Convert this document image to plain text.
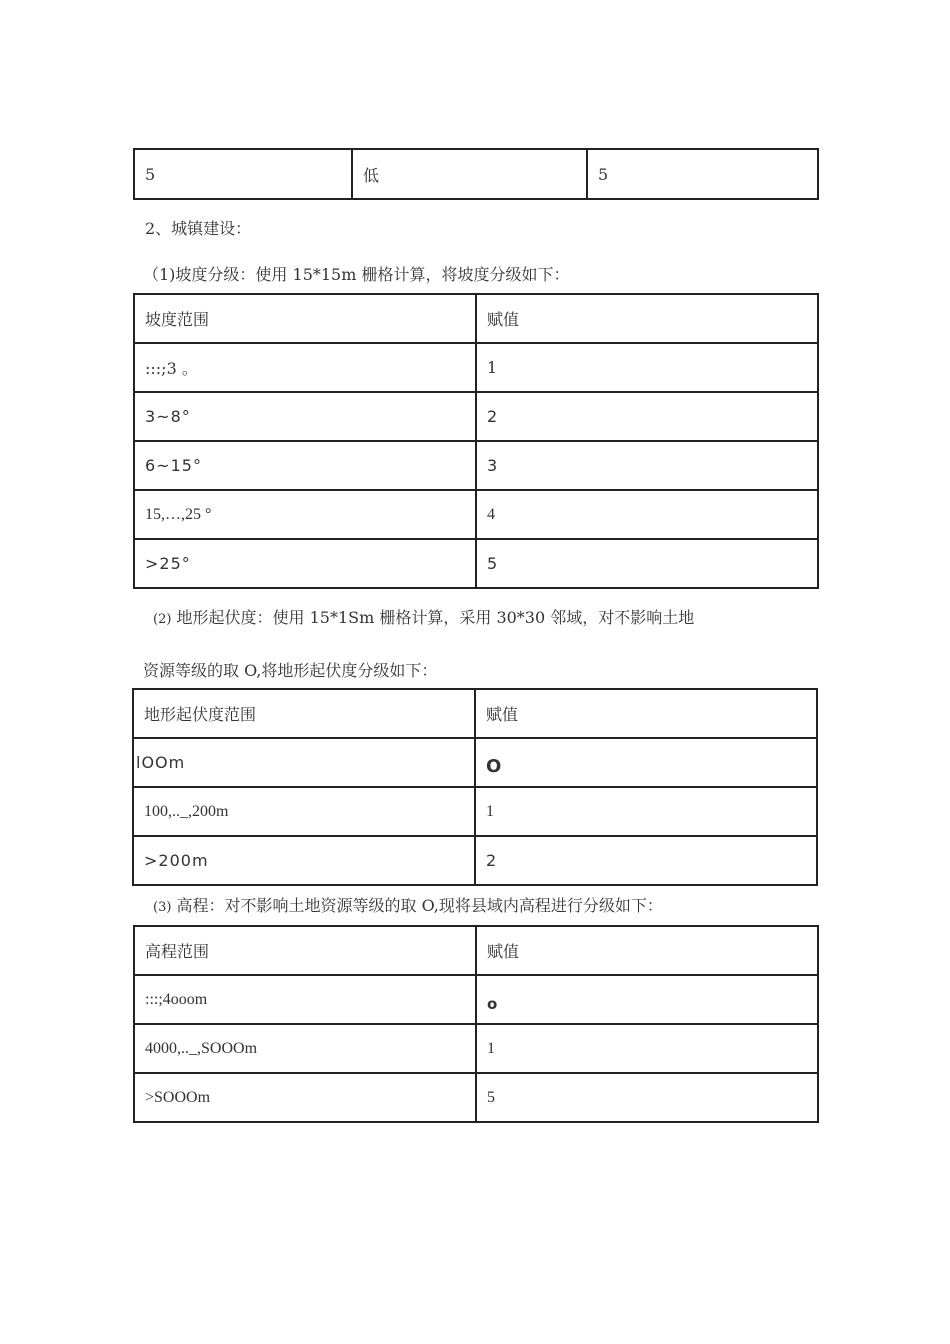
5	低	5
2、城镇建设：
（1)坡度分级：使用 15*15m 栅格计算，将坡度分级如下：
坡度范围	赋值
:::;3 。	1
3~8°	2
6~15°	3
15,…,25 °	4
>25°	5
(2) 地形起伏度：使用 15*1Sm 栅格计算，采用 30*30 邻域，对不影响土地
资源等级的取 O,将地形起伏度分级如下：
地形起伏度范围	赋值
lOOm	O
100,.._,200m	1
>200m	2
(3) 高程：对不影响土地资源等级的取 O,现将县域内高程进行分级如下：
高程范围	赋值
:::;4ooom	o
4000,.._,SOOOm	1
>SOOOm	5
